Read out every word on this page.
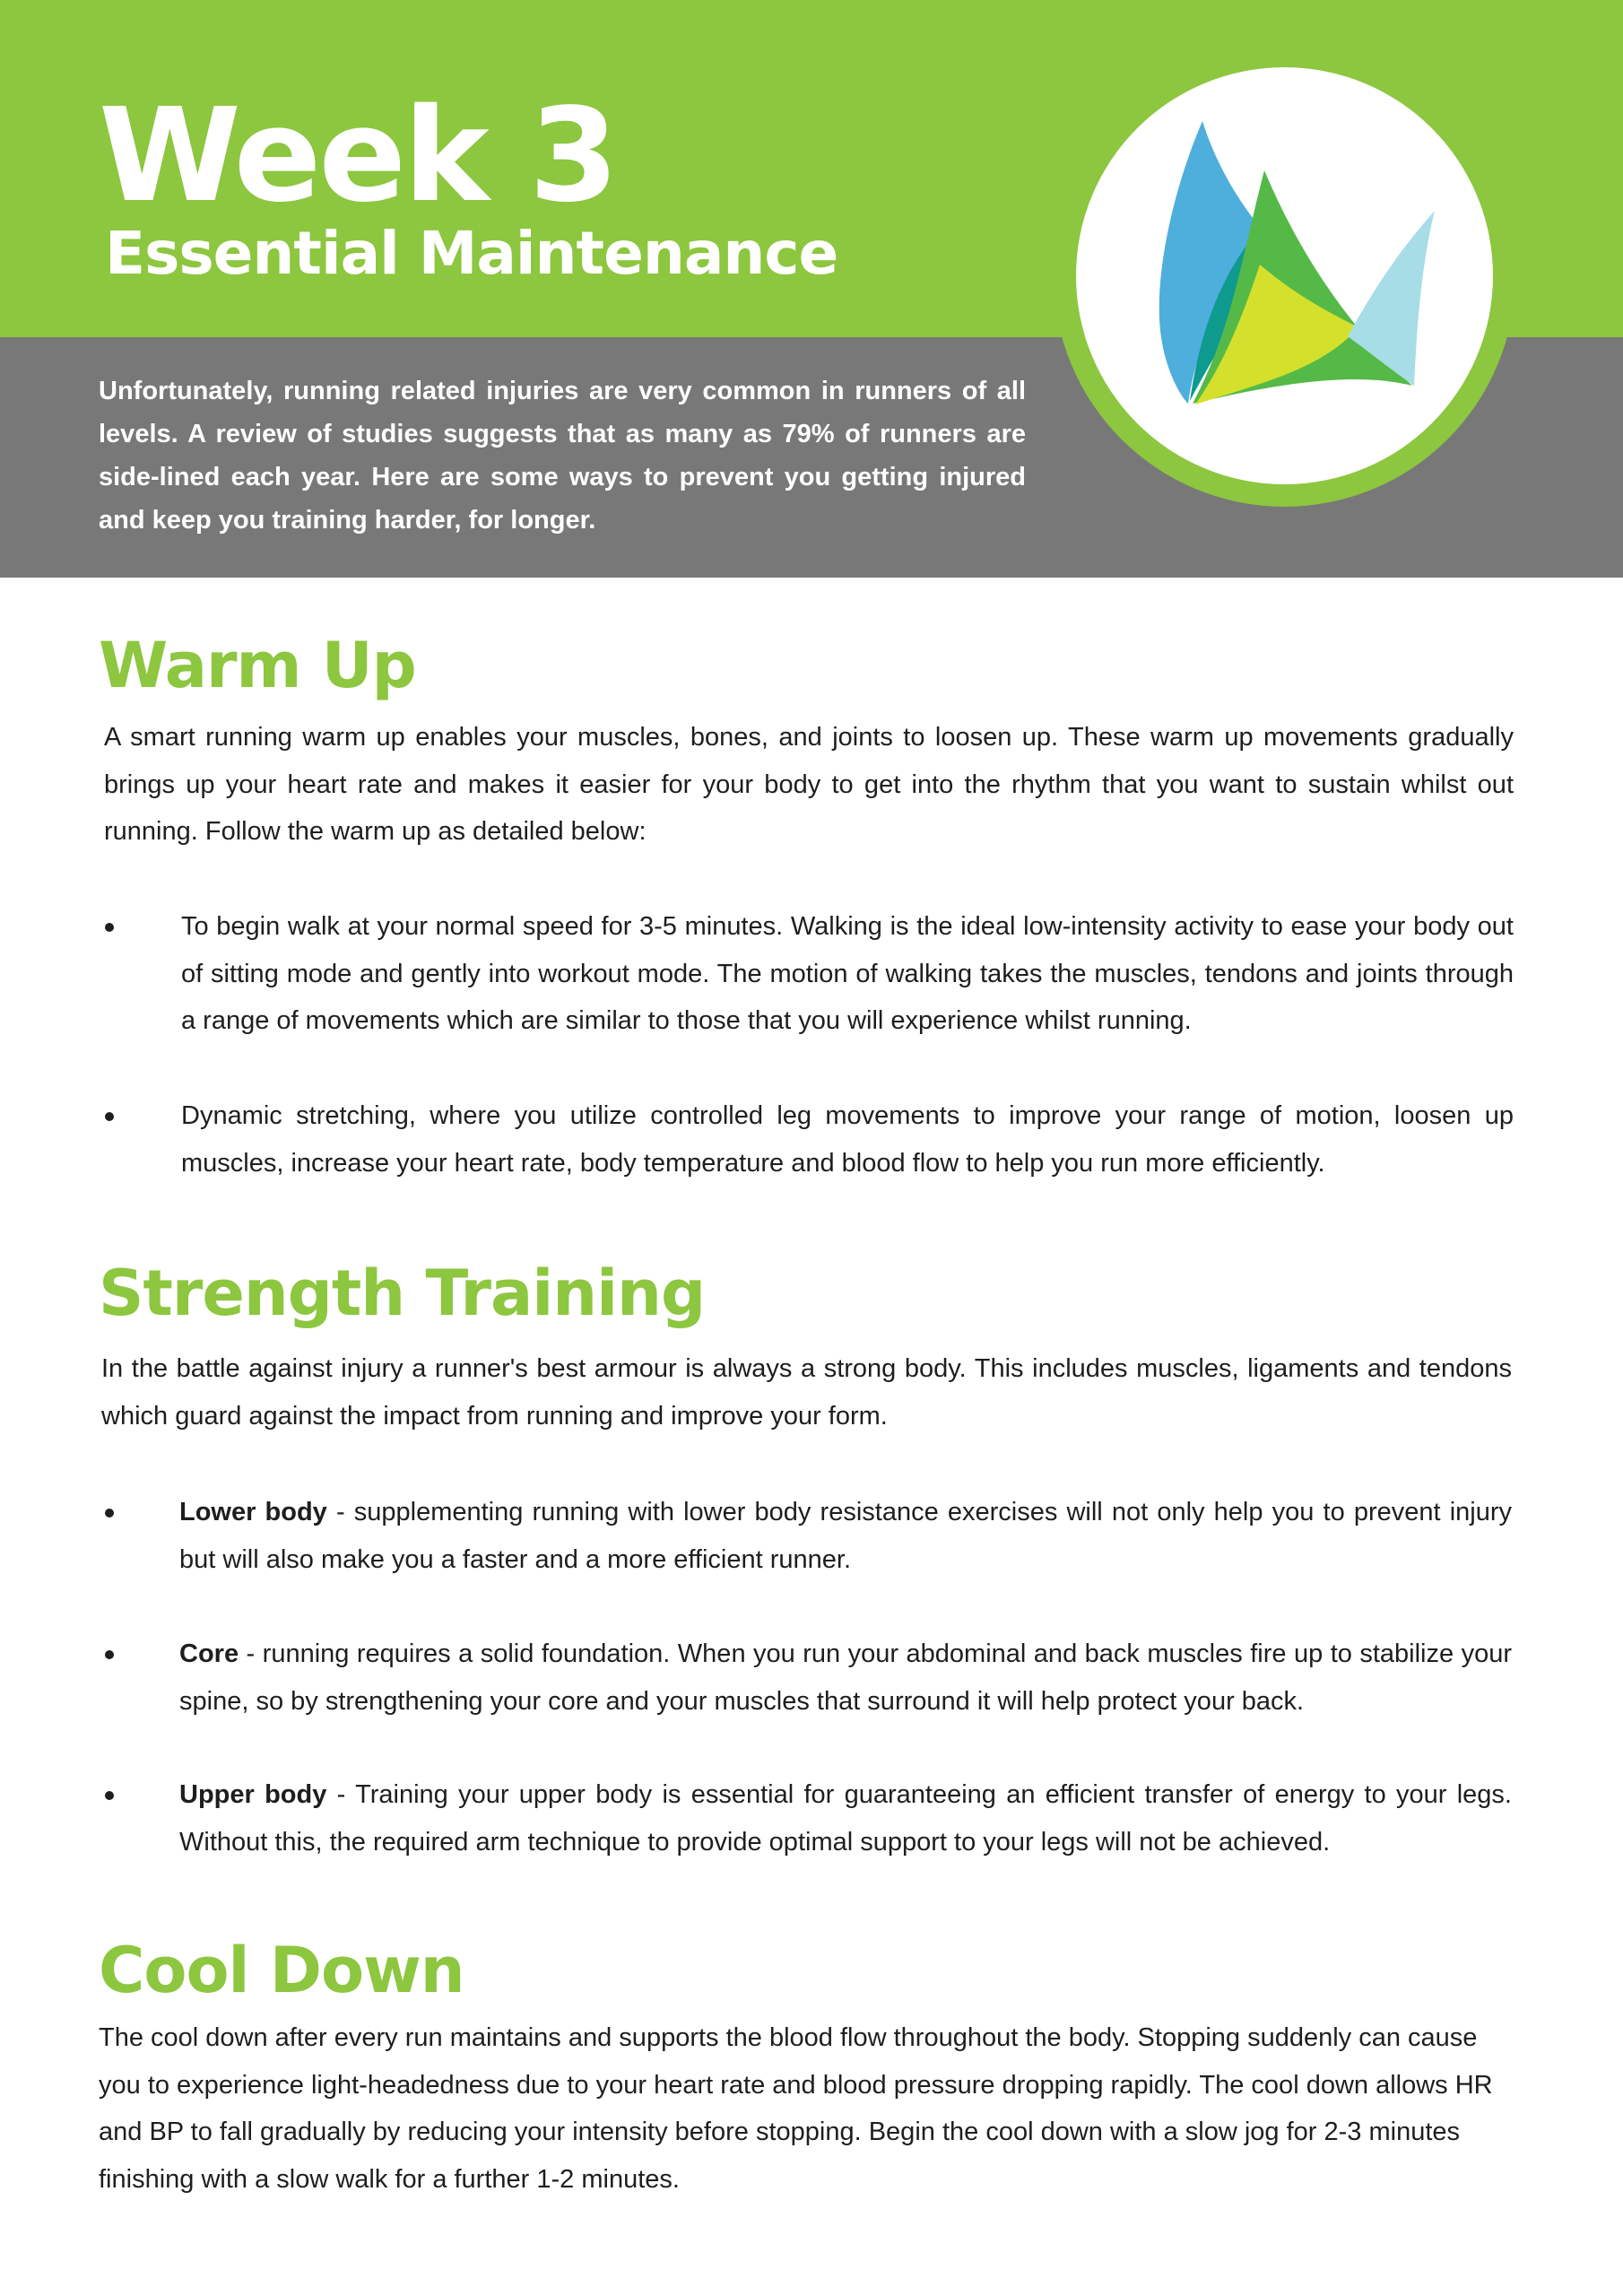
Week 3
Essential Maintenance

Unfortunately, running related injuries are very common in runners of all levels. A review of studies suggests that as many as 79% of runners are side-lined each year. Here are some ways to prevent you getting injured and keep you training harder, for longer.

Warm Up

A smart running warm up enables your muscles, bones, and joints to loosen up. These warm up movements gradually brings up your heart rate and makes it easier for your body to get into the rhythm that you want to sustain whilst out running. Follow the warm up as detailed below:

To begin walk at your normal speed for 3-5 minutes. Walking is the ideal low-intensity activity to ease your body out of sitting mode and gently into workout mode. The motion of walking takes the muscles, tendons and joints through a range of movements which are similar to those that you will experience whilst running.

Dynamic stretching, where you utilize controlled leg movements to improve your range of motion, loosen up muscles, increase your heart rate, body temperature and blood flow to help you run more efficiently.

Strength Training

In the battle against injury a runner's best armour is always a strong body. This includes muscles, ligaments and tendons which guard against the impact from running and improve your form.

Lower body - supplementing running with lower body resistance exercises will not only help you to prevent injury but will also make you a faster and a more efficient runner.

Core - running requires a solid foundation. When you run your abdominal and back muscles fire up to stabilize your spine, so by strengthening your core and your muscles that surround it will help protect your back.

Upper body - Training your upper body is essential for guaranteeing an efficient transfer of energy to your legs. Without this, the required arm technique to provide optimal support to your legs will not be achieved.

Cool Down

The cool down after every run maintains and supports the blood flow throughout the body. Stopping suddenly can cause you to experience light-headedness due to your heart rate and blood pressure dropping rapidly. The cool down allows HR and BP to fall gradually by reducing your intensity before stopping. Begin the cool down with a slow jog for 2-3 minutes finishing with a slow walk for a further 1-2 minutes.
